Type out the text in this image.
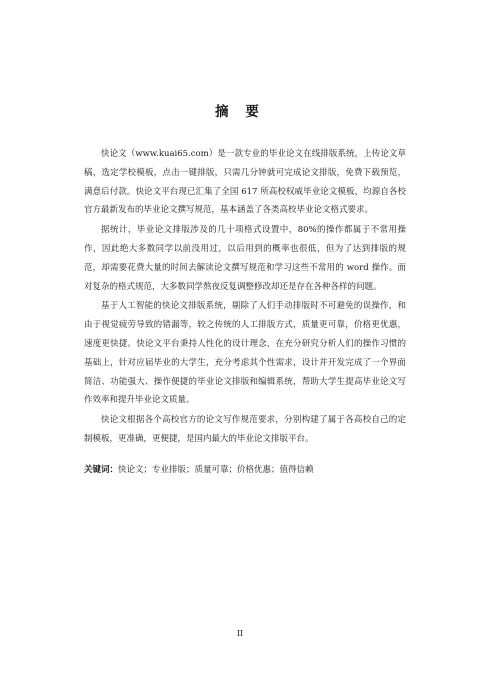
摘 要

快论文（www.kuai65.com）是一款专业的毕业论文在线排版系统，上传论文草稿，选定学校模板，点击一键排版，只需几分钟就可完成论文排版，免费下载预览，满意后付款。快论文平台现已汇集了全国 617 所高校权威毕业论文模板，均源自各校官方最新发布的毕业论文撰写规范，基本涵盖了各类高校毕业论文格式要求。

据统计，毕业论文排版涉及的几十项格式设置中，80%的操作都属于不常用操作，因此绝大多数同学以前没用过，以后用到的概率也很低，但为了达到排版的规范，却需要花费大量的时间去解读论文撰写规范和学习这些不常用的 word 操作。面对复杂的格式规范，大多数同学熬夜反复调整修改却还是存在各种各样的问题。

基于人工智能的快论文排版系统，剔除了人们手动排版时不可避免的误操作，和由于视觉疲劳导致的错漏等，较之传统的人工排版方式，质量更可靠，价格更优惠，速度更快捷。快论文平台秉持人性化的设计理念，在充分研究分析人们的操作习惯的基础上，针对应届毕业的大学生，充分考虑其个性需求，设计并开发完成了一个界面简洁、功能强大、操作便捷的毕业论文排版和编辑系统，帮助大学生提高毕业论文写作效率和提升毕业论文质量。

快论文根据各个高校官方的论文写作规范要求，分别构建了属于各高校自己的定制模板，更准确，更便捷，是国内最大的毕业论文排版平台。

关键词：快论文；专业排版；质量可靠；价格优惠；值得信赖
II
